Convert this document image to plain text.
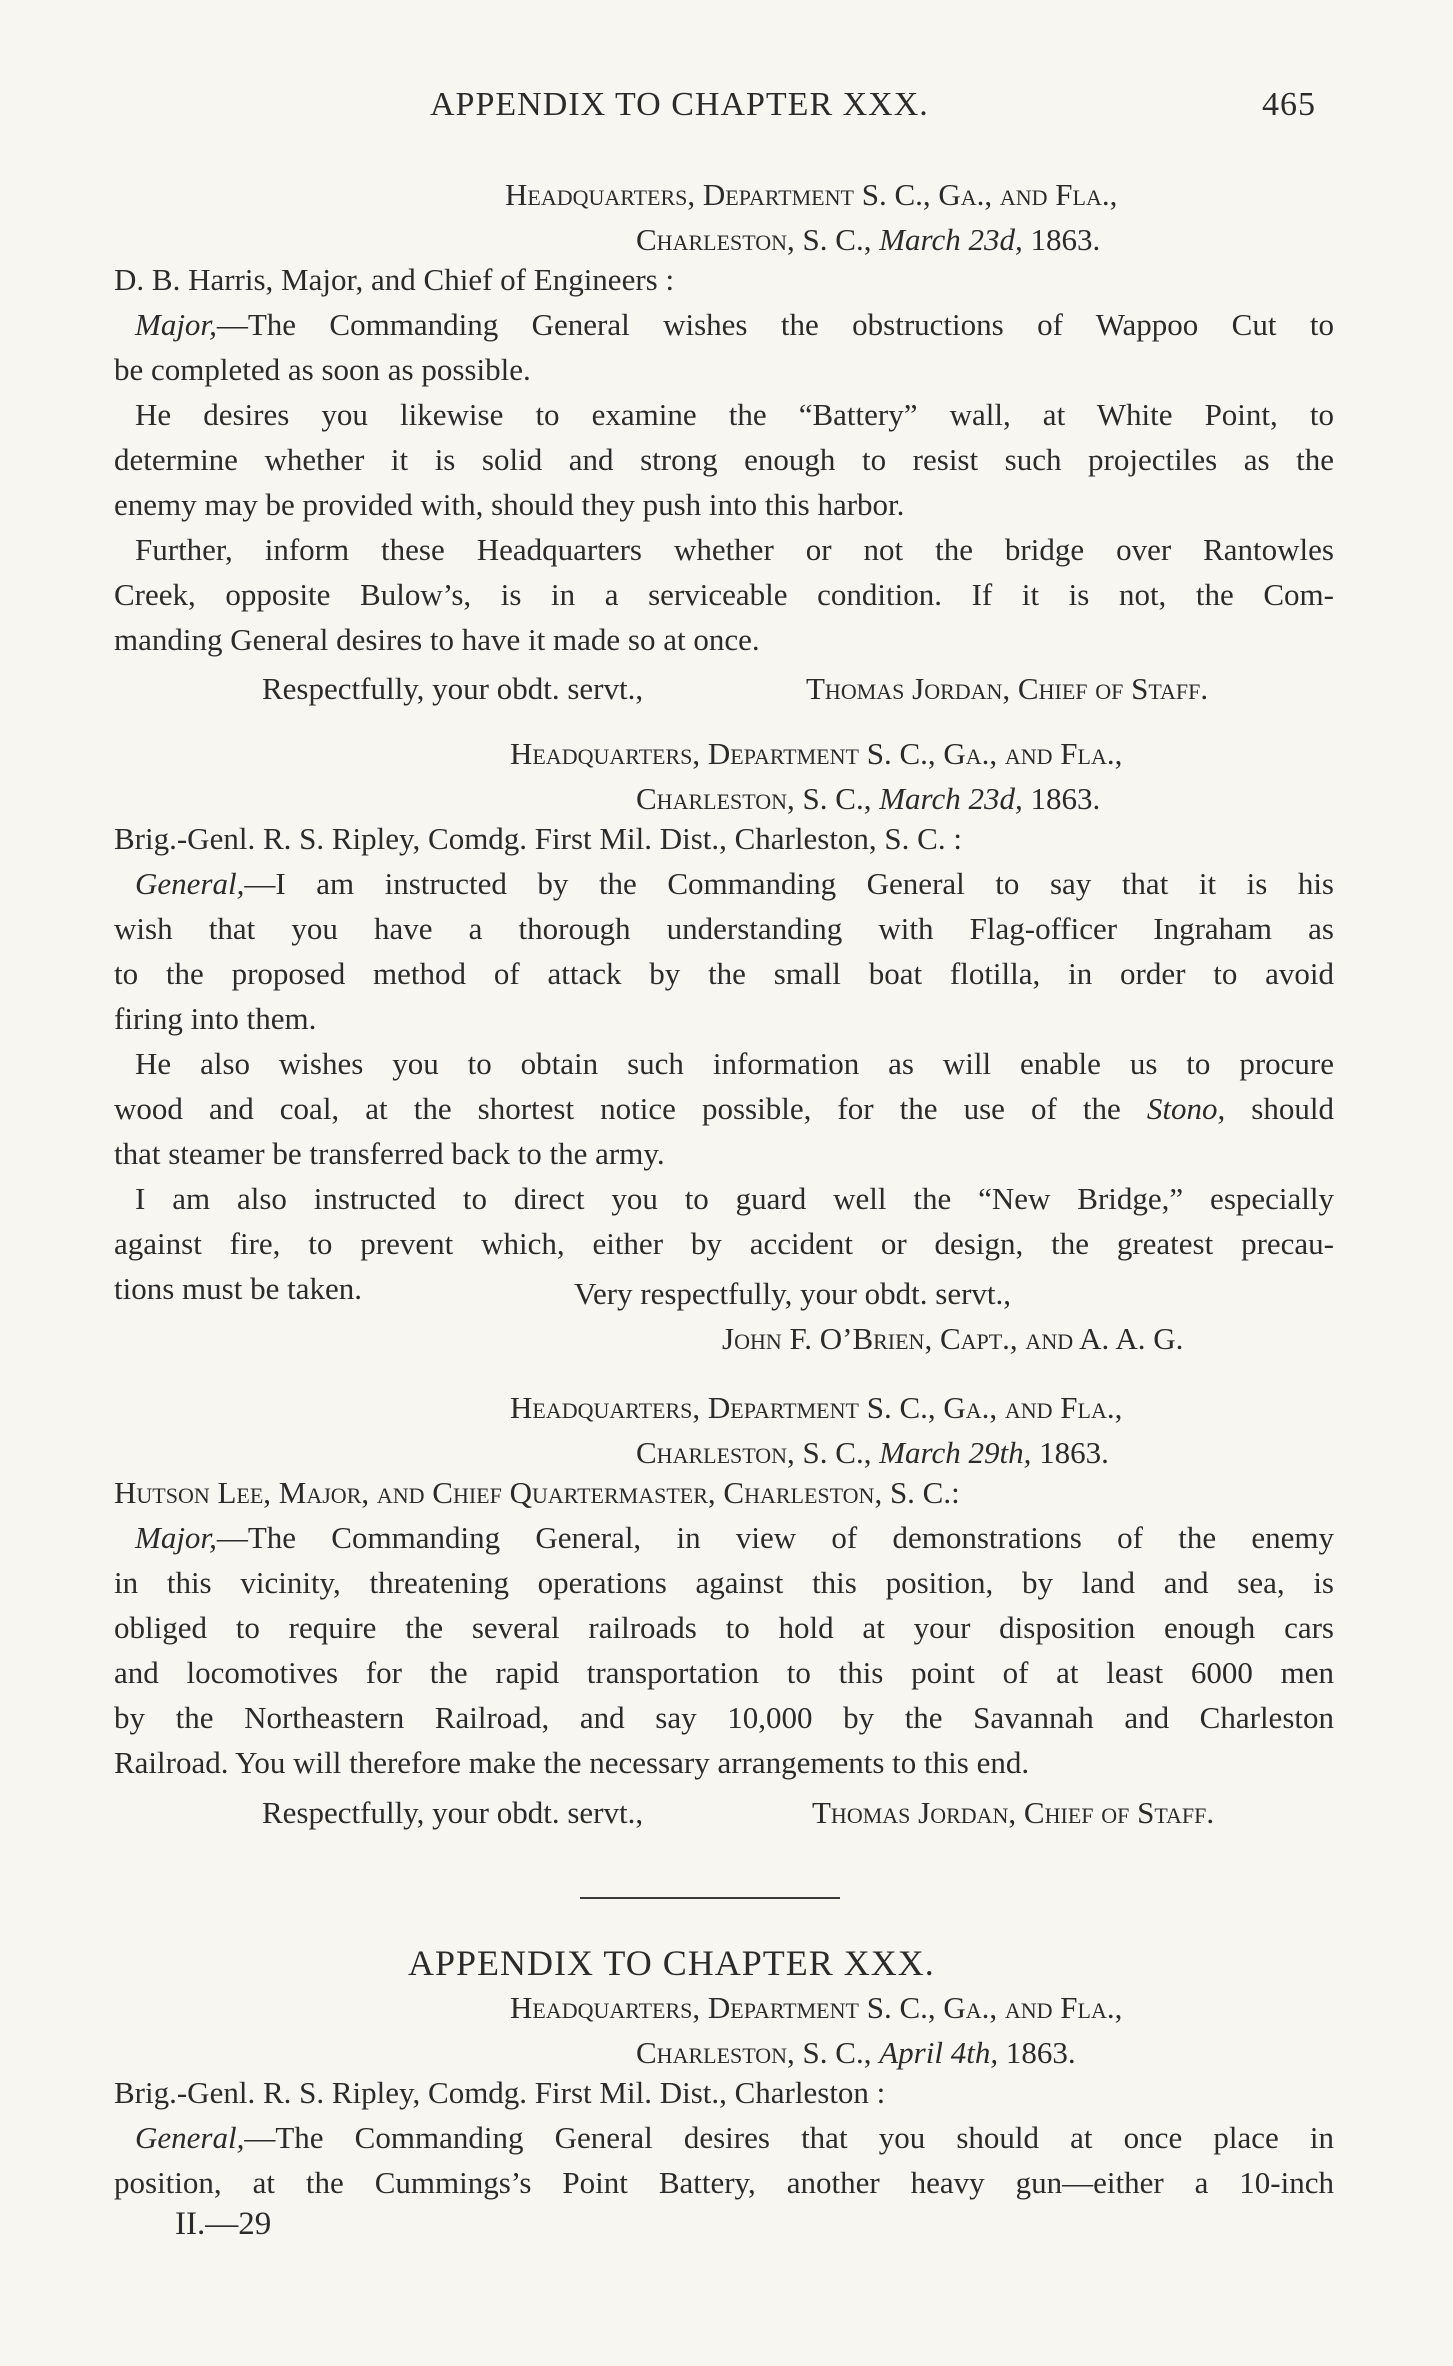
APPENDIX TO CHAPTER XXX.	465
Headquarters, Department S. C., Ga., and Fla.,
Charleston, S. C., March 23d, 1863.
D. B. Harris, Major, and Chief of Engineers :
Major,—The Commanding General wishes the obstructions of Wappoo Cut to
be completed as soon as possible.
He desires you likewise to examine the “Battery” wall, at White Point, to
determine whether it is solid and strong enough to resist such projectiles as the
enemy may be provided with, should they push into this harbor.
Further, inform these Headquarters whether or not the bridge over Rantowles
Creek, opposite Bulow’s, is in a serviceable condition. If it is not, the Com-
manding General desires to have it made so at once.
Respectfully, your obdt. servt.,	Thomas Jordan, Chief of Staff.
Headquarters, Department S. C., Ga., and Fla.,
Charleston, S. C., March 23d, 1863.
Brig.-Genl. R. S. Ripley, Comdg. First Mil. Dist., Charleston, S. C. :
General,—I am instructed by the Commanding General to say that it is his
wish that you have a thorough understanding with Flag-officer Ingraham as
to the proposed method of attack by the small boat flotilla, in order to avoid
firing into them.
He also wishes you to obtain such information as will enable us to procure
wood and coal, at the shortest notice possible, for the use of the Stono, should
that steamer be transferred back to the army.
I am also instructed to direct you to guard well the “New Bridge,” especially
against fire, to prevent which, either by accident or design, the greatest precau-
tions must be taken.	Very respectfully, your obdt. servt.,
John F. O’Brien, Capt., and A. A. G.
Headquarters, Department S. C., Ga., and Fla.,
Charleston, S. C., March 29th, 1863.
Hutson Lee, Major, and Chief Quartermaster, Charleston, S. C.:
Major,—The Commanding General, in view of demonstrations of the enemy
in this vicinity, threatening operations against this position, by land and sea, is
obliged to require the several railroads to hold at your disposition enough cars
and locomotives for the rapid transportation to this point of at least 6000 men
by the Northeastern Railroad, and say 10,000 by the Savannah and Charleston
Railroad. You will therefore make the necessary arrangements to this end.
Respectfully, your obdt. servt.,	Thomas Jordan, Chief of Staff.
APPENDIX TO CHAPTER XXX.
Headquarters, Department S. C., Ga., and Fla.,
Charleston, S. C., April 4th, 1863.
Brig.-Genl. R. S. Ripley, Comdg. First Mil. Dist., Charleston :
General,—The Commanding General desires that you should at once place in
position, at the Cummings’s Point Battery, another heavy gun—either a 10-inch
II.—29
